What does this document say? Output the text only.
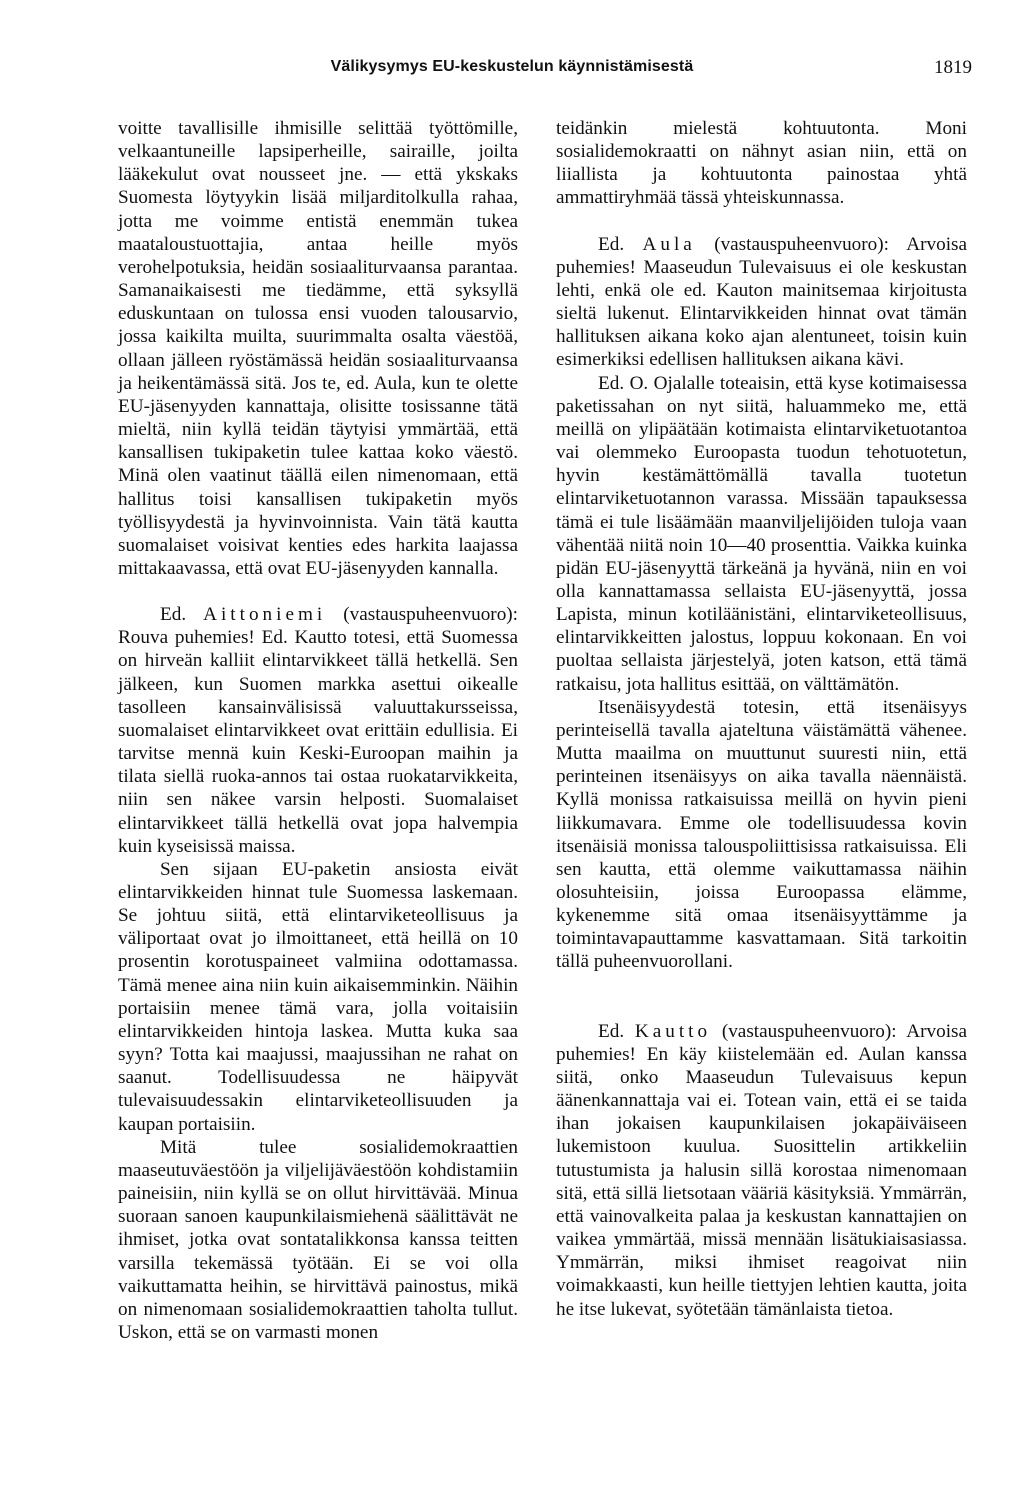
Välikysymys EU-keskustelun käynnistämisestä	1819

voitte tavallisille ihmisille selittää työttömille, velkaantuneille lapsiperheille, sairaille, joilta lääkekulut ovat nousseet jne. — että ykskaks Suomesta löytyykin lisää miljarditolkulla rahaa, jotta me voimme entistä enemmän tukea maataloustuottajia, antaa heille myös verohelpotuksia, heidän sosiaaliturvaansa parantaa. Samanaikaisesti me tiedämme, että syksyllä eduskuntaan on tulossa ensi vuoden talousarvio, jossa kaikilta muilta, suurimmalta osalta väestöä, ollaan jälleen ryöstämässä heidän sosiaaliturvaansa ja heikentämässä sitä. Jos te, ed. Aula, kun te olette EU-jäsenyyden kannattaja, olisitte tosissanne tätä mieltä, niin kyllä teidän täytyisi ymmärtää, että kansallisen tukipaketin tulee kattaa koko väestö. Minä olen vaatinut täällä eilen nimenomaan, että hallitus toisi kansallisen tukipaketin myös työllisyydestä ja hyvinvoinnista. Vain tätä kautta suomalaiset voisivat kenties edes harkita laajassa mittakaavassa, että ovat EU-jäsenyyden kannalla.

Ed. Aittoniemi (vastauspuheenvuoro): Rouva puhemies! Ed. Kautto totesi, että Suomessa on hirveän kalliit elintarvikkeet tällä hetkellä. Sen jälkeen, kun Suomen markka asettui oikealle tasolleen kansainvälisissä valuuttakursseissa, suomalaiset elintarvikkeet ovat erittäin edullisia. Ei tarvitse mennä kuin Keski-Euroopan maihin ja tilata siellä ruoka-annos tai ostaa ruokatarvikkeita, niin sen näkee varsin helposti. Suomalaiset elintarvikkeet tällä hetkellä ovat jopa halvempia kuin kyseisissä maissa.

Sen sijaan EU-paketin ansiosta eivät elintarvikkeiden hinnat tule Suomessa laskemaan. Se johtuu siitä, että elintarviketeollisuus ja väliportaat ovat jo ilmoittaneet, että heillä on 10 prosentin korotuspaineet valmiina odottamassa. Tämä menee aina niin kuin aikaisemminkin. Näihin portaisiin menee tämä vara, jolla voitaisiin elintarvikkeiden hintoja laskea. Mutta kuka saa syyn? Totta kai maajussi, maajussihan ne rahat on saanut. Todellisuudessa ne häipyvät tulevaisuudessakin elintarviketeollisuuden ja kaupan portaisiin.

Mitä tulee sosialidemokraattien maaseutuväestöön ja viljelijäväestöön kohdistamiin paineisiin, niin kyllä se on ollut hirvittävää. Minua suoraan sanoen kaupunkilaismiehenä säälittävät ne ihmiset, jotka ovat sontatalikkonsa kanssa teitten varsilla tekemässä työtään. Ei se voi olla vaikuttamatta heihin, se hirvittävä painostus, mikä on nimenomaan sosialidemokraattien taholta tullut. Uskon, että se on varmasti monen

teidänkin mielestä kohtuutonta. Moni sosialidemokraatti on nähnyt asian niin, että on liiallista ja kohtuutonta painostaa yhtä ammattiryhmää tässä yhteiskunnassa.

Ed. Aula (vastauspuheenvuoro): Arvoisa puhemies! Maaseudun Tulevaisuus ei ole keskustan lehti, enkä ole ed. Kauton mainitsemaa kirjoitusta sieltä lukenut. Elintarvikkeiden hinnat ovat tämän hallituksen aikana koko ajan alentuneet, toisin kuin esimerkiksi edellisen hallituksen aikana kävi.

Ed. O. Ojalalle toteaisin, että kyse kotimaisessa paketissahan on nyt siitä, haluammeko me, että meillä on ylipäätään kotimaista elintarviketuotantoa vai olemmeko Euroopasta tuodun tehotuotetun, hyvin kestämättömällä tavalla tuotetun elintarviketuotannon varassa. Missään tapauksessa tämä ei tule lisäämään maanviljelijöiden tuloja vaan vähentää niitä noin 10—40 prosenttia. Vaikka kuinka pidän EU-jäsenyyttä tärkeänä ja hyvänä, niin en voi olla kannattamassa sellaista EU-jäsenyyttä, jossa Lapista, minun kotiläänistäni, elintarviketeollisuus, elintarvikkeitten jalostus, loppuu kokonaan. En voi puoltaa sellaista järjestelyä, joten katson, että tämä ratkaisu, jota hallitus esittää, on välttämätön.

Itsenäisyydestä totesin, että itsenäisyys perinteisellä tavalla ajateltuna väistämättä vähenee. Mutta maailma on muuttunut suuresti niin, että perinteinen itsenäisyys on aika tavalla näennäistä. Kyllä monissa ratkaisuissa meillä on hyvin pieni liikkumavara. Emme ole todellisuudessa kovin itsenäisiä monissa talouspoliittisissa ratkaisuissa. Eli sen kautta, että olemme vaikuttamassa näihin olosuhteisiin, joissa Euroopassa elämme, kykenemme sitä omaa itsenäisyyttämme ja toimintavapauttamme kasvattamaan. Sitä tarkoitin tällä puheenvuorollani.

Ed. Kautto (vastauspuheenvuoro): Arvoisa puhemies! En käy kiistelemään ed. Aulan kanssa siitä, onko Maaseudun Tulevaisuus kepun äänenkannattaja vai ei. Totean vain, että ei se taida ihan jokaisen kaupunkilaisen jokapäiväiseen lukemistoon kuulua. Suosittelin artikkeliin tutustumista ja halusin sillä korostaa nimenomaan sitä, että sillä lietsotaan vääriä käsityksiä. Ymmärrän, että vainovalkeita palaa ja keskustan kannattajien on vaikea ymmärtää, missä mennään lisätukiaisasiassa. Ymmärrän, miksi ihmiset reagoivat niin voimakkaasti, kun heille tiettyjen lehtien kautta, joita he itse lukevat, syötetään tämänlaista tietoa.
